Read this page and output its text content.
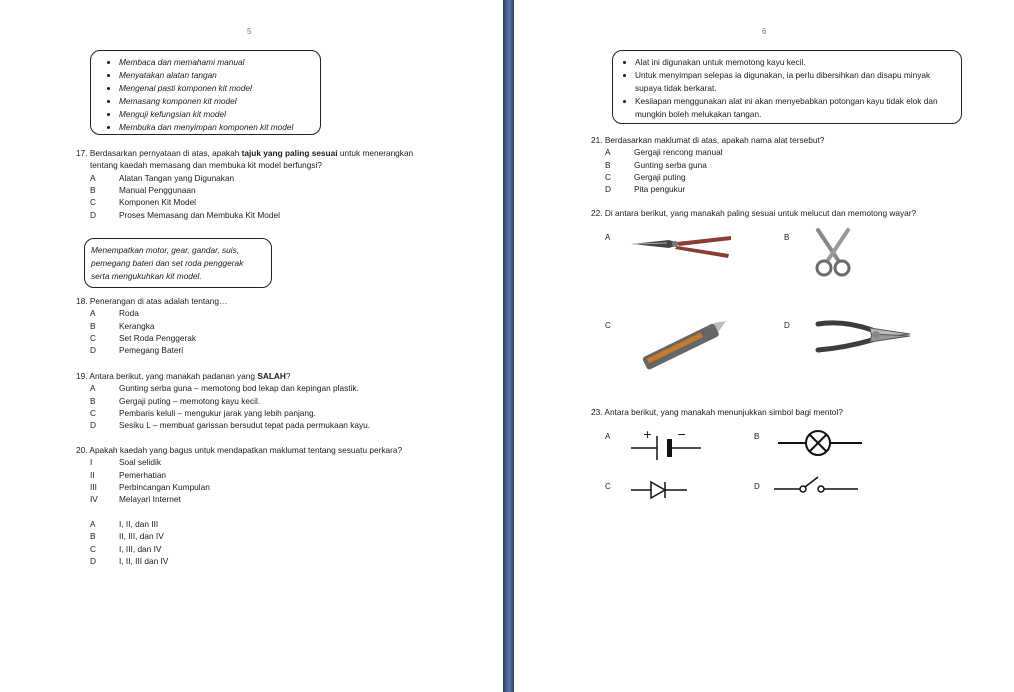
5
• Membaca dan memahami manual
• Menyatakan alatan tangan
• Mengenal pasti komponen kit model
• Memasang komponen kit model
• Menguji kefungsian kit model
• Membuka dan menyimpan komponen kit model
17. Berdasarkan pernyataan di atas, apakah tajuk yang paling sesuai untuk menerangkan
tentang kaedah memasang dan membuka kit model berfungsi?
A	Alatan Tangan yang Digunakan
B	Manual Penggunaan
C	Komponen Kit Model
D	Proses Memasang dan Membuka Kit Model
Menempatkan motor, gear, gandar, suis,
pemegang bateri dan set roda penggerak
serta mengukuhkan kit model.
18. Penerangan di atas adalah tentang…
A	Roda
B	Kerangka
C	Set Roda Penggerak
D	Pemegang Bateri
19. Antara berikut, yang manakah padanan yang SALAH?
A	Gunting serba guna – memotong bod lekap dan kepingan plastik.
B	Gergaji puting – memotong kayu kecil.
C	Pembaris keluli – mengukur jarak yang lebih panjang.
D	Sesiku L – membuat garissan bersudut tepat pada permukaan kayu.
20. Apakah kaedah yang bagus untuk mendapatkan maklumat tentang sesuatu perkara?
I	Soal selidik
II	Pemerhatian
III	Perbincangan Kumpulan
IV	Melayari Internet
A	I, II, dan III
B	II, III, dan IV
C	I, III, dan IV
D	I, II, III dan IV
6
• Alat ini digunakan untuk memotong kayu kecil.
• Untuk menyimpan selepas ia digunakan, ia perlu dibersihkan dan disapu minyak supaya tidak berkarat.
• Kesilapan menggunakan alat ini akan menyebabkan potongan kayu tidak elok dan mungkin boleh melukakan tangan.
21. Berdasarkan maklumat di atas, apakah nama alat tersebut?
A	Gergaji rencong manual
B	Gunting serba guna
C	Gergaji puting
D	Pita pengukur
22. Di antara berikut, yang manakah paling sesuai untuk melucut dan memotong wayar?
A	B
C	D
23. Antara berikut, yang manakah menunjukkan simbol bagi mentol?
A	B
C	D
+ −
